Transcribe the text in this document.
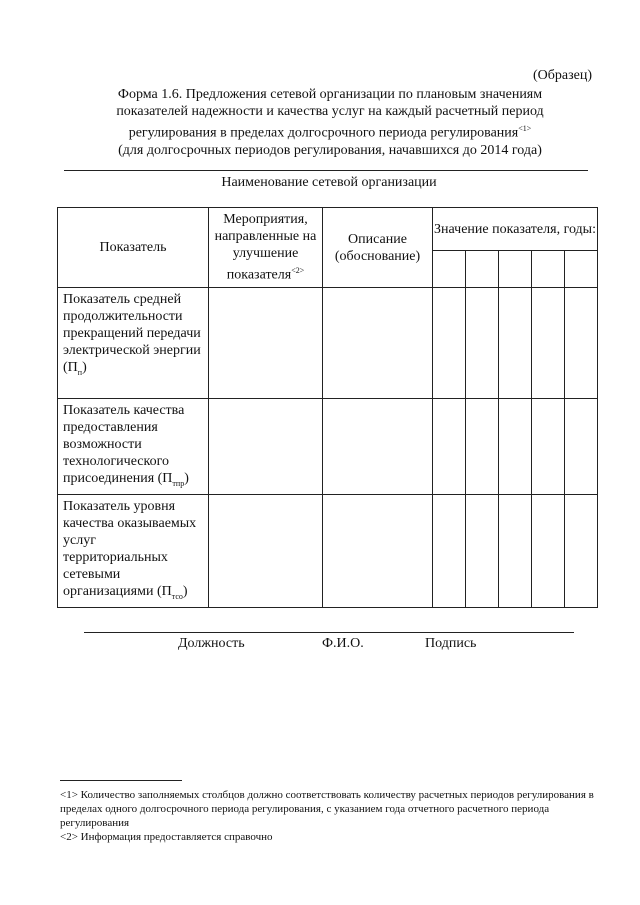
(Образец)
Форма 1.6. Предложения сетевой организации по плановым значениям
показателей надежности и качества услуг на каждый расчетный период
регулирования в пределах долгосрочного периода регулирования$^{<1>}$
(для долгосрочных периодов регулирования, начавшихся до 2014 года)
Наименование сетевой организации
Показатель	Мероприятия, направленные на улучшение показателя$^{<2>}$	Описание (обоснование)	Значение показателя, годы:				

Показатель средней продолжительности прекращений передачи электрической энергии $(П_п)$							
Показатель качества предоставления возможности технологического присоединения $(П_{тпр})$							
Показатель уровня качества оказываемых услуг территориальных сетевыми организациями $(П_{тсо})$							
Должность	Ф.И.О.	Подпись
<1> Количество заполняемых столбцов должно соответствовать количеству расчетных периодов регулирования в пределах одного долгосрочного периода регулирования, с указанием года отчетного расчетного периода регулирования
<2> Информация предоставляется справочно
